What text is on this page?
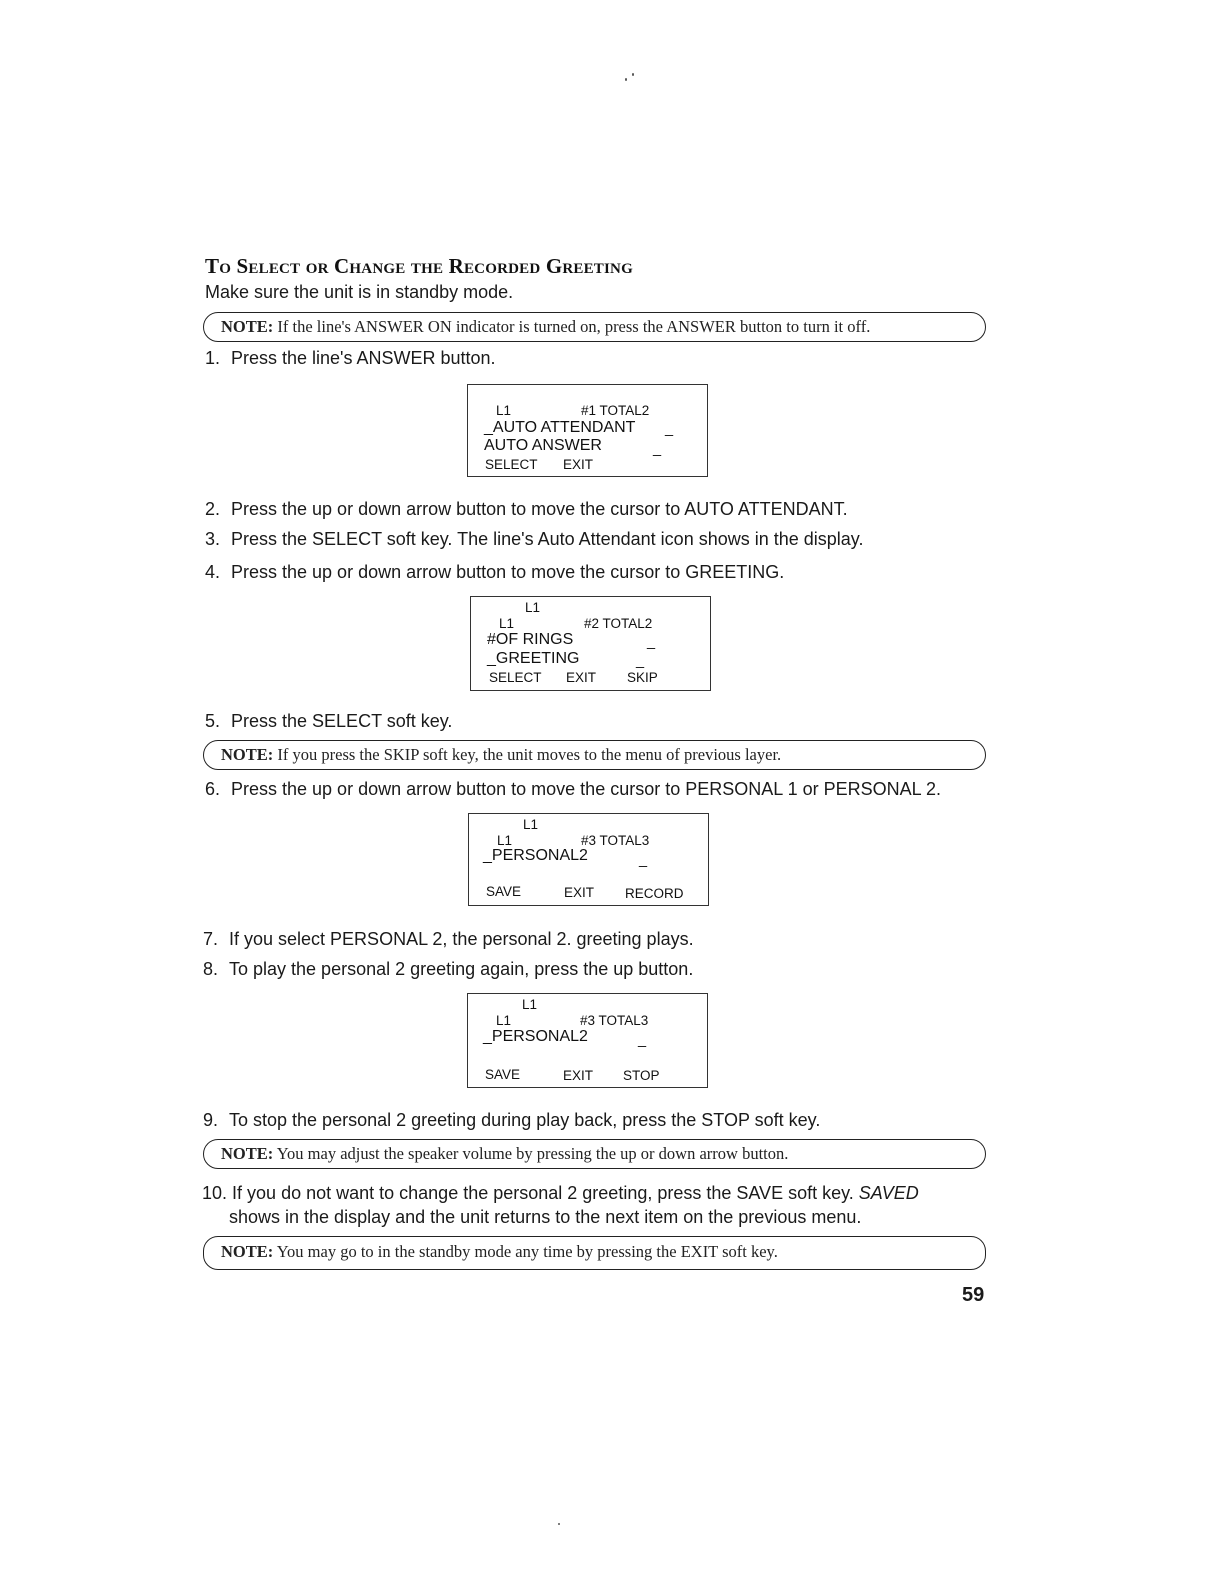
To Select or Change the Recorded Greeting
Make sure the unit is in standby mode.
NOTE: If the line's ANSWER ON indicator is turned on, press the ANSWER button to turn it off.
1. Press the line's ANSWER button.
L1	#1 TOTAL2
_AUTO ATTENDANT _
AUTO ANSWER	_
SELECT EXIT
2. Press the up or down arrow button to move the cursor to AUTO ATTENDANT.
3. Press the SELECT soft key. The line's Auto Attendant icon shows in the display.
4. Press the up or down arrow button to move the cursor to GREETING.
L1
L1	#2 TOTAL2
#OF RINGS	_
_GREETING	_
SELECT EXIT SKIP
5. Press the SELECT soft key.
NOTE: If you press the SKIP soft key, the unit moves to the menu of previous layer.
6. Press the up or down arrow button to move the cursor to PERSONAL 1 or PERSONAL 2.
L1
L1	#3 TOTAL3
_PERSONAL2	_
SAVE	EXIT RECORD
7. If you select PERSONAL 2, the personal 2. greeting plays.
8. To play the personal 2 greeting again, press the up button.
L1
L1	#3 TOTAL3
_PERSONAL2	_
SAVE	EXIT STOP
9. To stop the personal 2 greeting during play back, press the STOP soft key.
NOTE: You may adjust the speaker volume by pressing the up or down arrow button.
10. If you do not want to change the personal 2 greeting, press the SAVE soft key. SAVED
shows in the display and the unit returns to the next item on the previous menu.
NOTE: You may go to in the standby mode any time by pressing the EXIT soft key.
59
